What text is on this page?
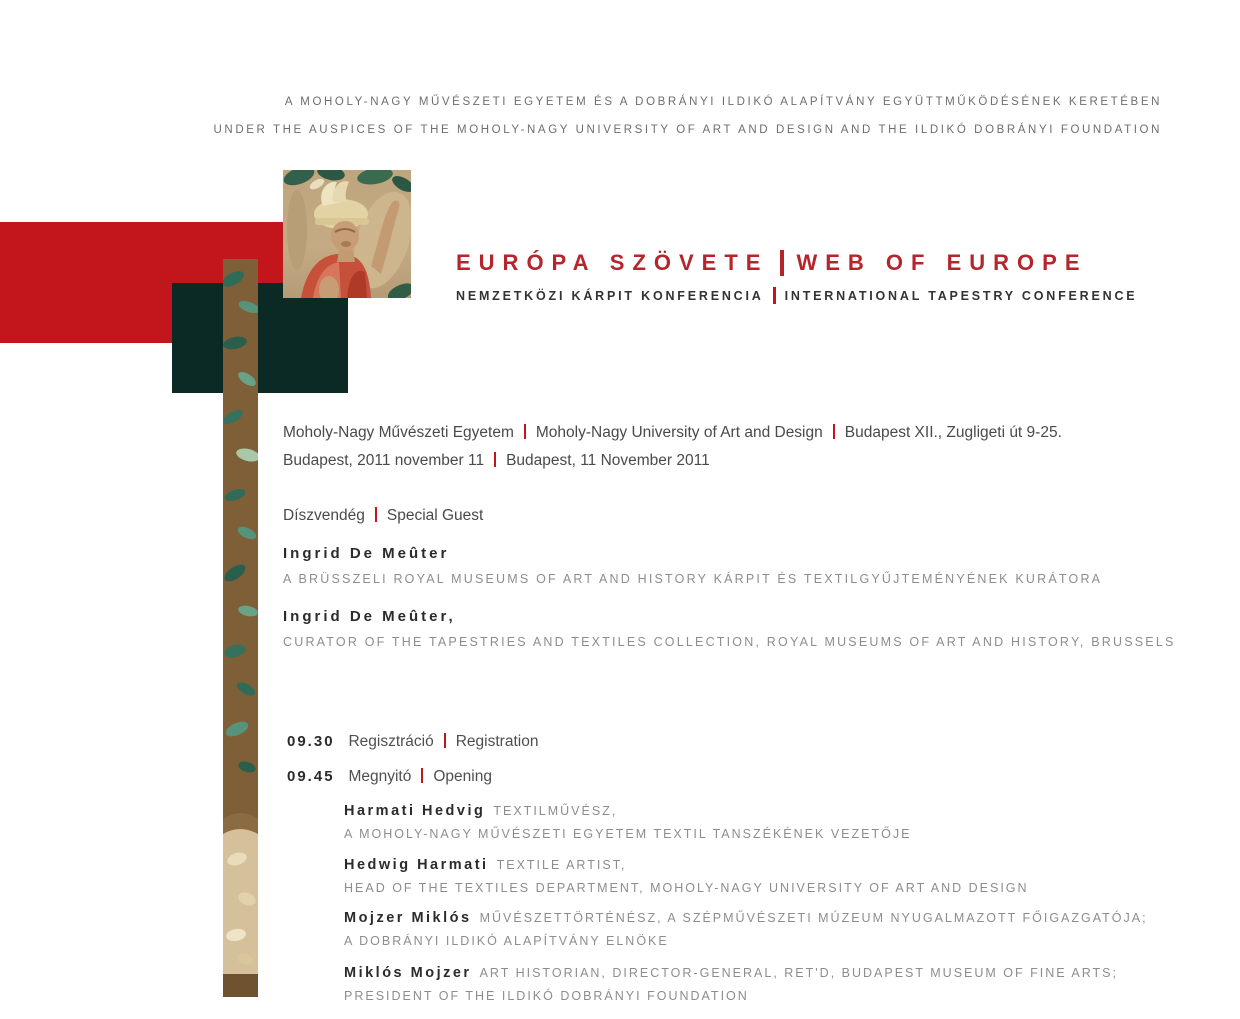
A MOHOLY-NAGY MŰVÉSZETI EGYETEM ÉS A DOBRÁNYI ILDIKÓ ALAPÍTVÁNY EGYÜTTMŰKÖDÉSÉNEK KERETÉBEN
UNDER THE AUSPICES OF THE MOHOLY-NAGY UNIVERSITY OF ART AND DESIGN AND THE ILDIKÓ DOBRÁNYI FOUNDATION
EURÓPA SZÖVETE WEB OF EUROPE
NEMZETKÖZI KÁRPIT KONFERENCIA INTERNATIONAL TAPESTRY CONFERENCE
Moholy-Nagy Művészeti Egyetem Moholy-Nagy University of Art and Design Budapest XII., Zugligeti út 9-25.
Budapest, 2011 november 11 Budapest, 11 November 2011
Díszvendég Special Guest
Ingrid De Meûter
A BRÜSSZELI ROYAL MUSEUMS OF ART AND HISTORY KÁRPIT ÉS TEXTILGYŰJTEMÉNYÉNEK KURÁTORA
Ingrid De Meûter,
CURATOR OF THE TAPESTRIES AND TEXTILES COLLECTION, ROYAL MUSEUMS OF ART AND HISTORY, BRUSSELS
09.30 Regisztráció Registration
09.45 Megnyitó Opening
Harmati Hedvig TEXTILMŰVÉSZ,
A MOHOLY-NAGY MŰVÉSZETI EGYETEM TEXTIL TANSZÉKÉNEK VEZETŐJE
Hedwig Harmati TEXTILE ARTIST,
HEAD OF THE TEXTILES DEPARTMENT, MOHOLY-NAGY UNIVERSITY OF ART AND DESIGN
Mojzer Miklós MŰVÉSZETTÖRTÉNÉSZ, A SZÉPMŰVÉSZETI MÚZEUM NYUGALMAZOTT FŐIGAZGATÓJA;
A DOBRÁNYI ILDIKÓ ALAPÍTVÁNY ELNÖKE
Miklós Mojzer ART HISTORIAN, DIRECTOR-GENERAL, RET'D, BUDAPEST MUSEUM OF FINE ARTS;
PRESIDENT OF THE ILDIKÓ DOBRÁNYI FOUNDATION
